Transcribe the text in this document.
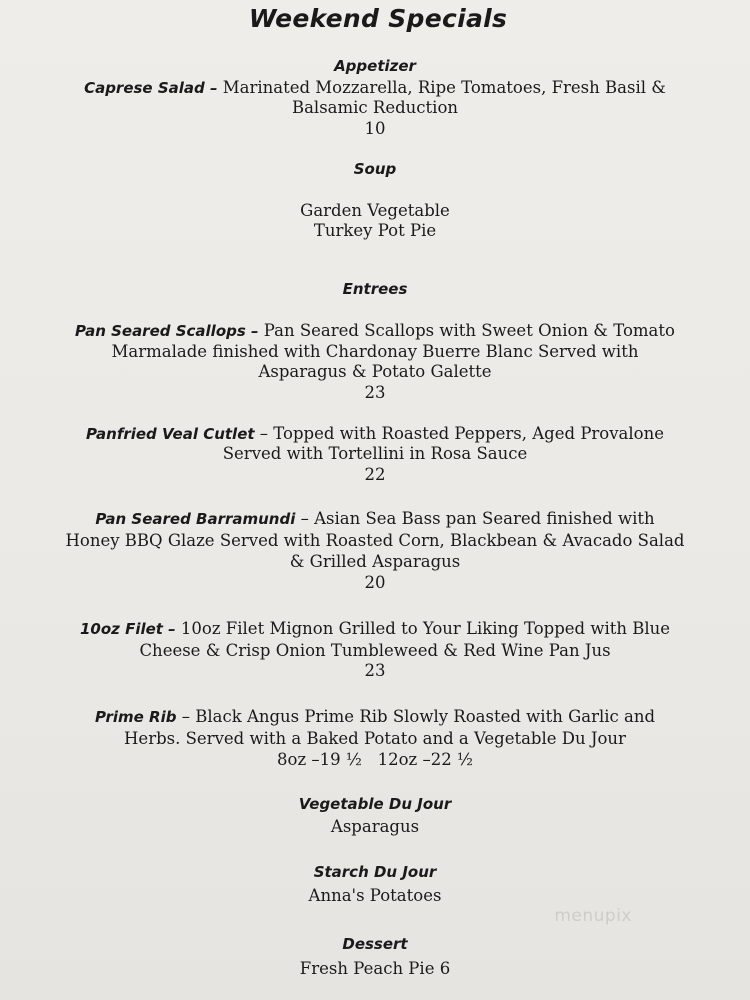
Weekend Specials
Appetizer
Caprese Salad – Marinated Mozzarella, Ripe Tomatoes, Fresh Basil &
Balsamic Reduction
10
Soup
Garden Vegetable
Turkey Pot Pie
Entrees
Pan Seared Scallops – Pan Seared Scallops with Sweet Onion & Tomato
Marmalade finished with Chardonay Buerre Blanc Served with
Asparagus & Potato Galette
23
Panfried Veal Cutlet – Topped with Roasted Peppers, Aged Provalone
Served with Tortellini in Rosa Sauce
22
Pan Seared Barramundi – Asian Sea Bass pan Seared finished with
Honey BBQ Glaze Served with Roasted Corn, Blackbean & Avacado Salad
& Grilled Asparagus
20
10oz Filet – 10oz Filet Mignon Grilled to Your Liking Topped with Blue
Cheese & Crisp Onion Tumbleweed & Red Wine Pan Jus
23
Prime Rib – Black Angus Prime Rib Slowly Roasted with Garlic and
Herbs. Served with a Baked Potato and a Vegetable Du Jour
8oz –19 ½   12oz –22 ½
Vegetable Du Jour
Asparagus
Starch Du Jour
Anna's Potatoes
Dessert
Fresh Peach Pie 6
menupix
